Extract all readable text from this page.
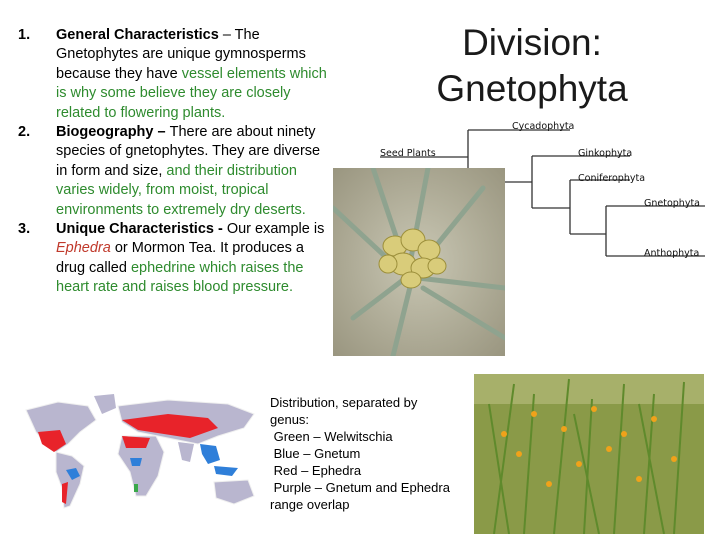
1. General Characteristics – The Gnetophytes are unique gymnosperms because they have vessel elements which is why some believe they are closely related to flowering plants.

2. Biogeography – There are about ninety species of gnetophytes. They are diverse in form and size, and their distribution varies widely, from moist, tropical environments to extremely dry deserts.

3. Unique Characteristics - Our example is Ephedra or Mormon Tea. It produces a drug called ephedrine which raises the heart rate and raises blood pressure.

Division:
Gnetophyta
Seed Plants
Cycadophyta
Ginkophyta
Coniferophyta
Gnetophyta
Anthophyta
Distribution, separated by
genus:
Green – Welwitschia
Blue – Gnetum
Red – Ephedra
Purple – Gnetum and Ephedra
range overlap
